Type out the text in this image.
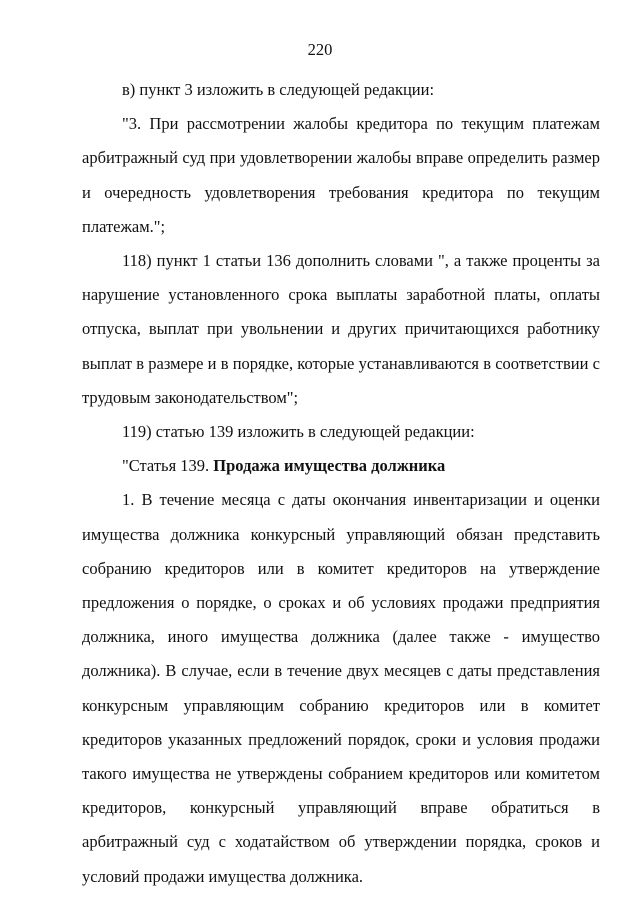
220

в) пункт 3 изложить в следующей редакции:

"3. При рассмотрении жалобы кредитора по текущим платежам арбитражный суд при удовлетворении жалобы вправе определить размер и очередность удовлетворения требования кредитора по текущим платежам.";

118) пункт 1 статьи 136 дополнить словами ", а также проценты за нарушение установленного срока выплаты заработной платы, оплаты отпуска, выплат при увольнении и других причитающихся работнику выплат в размере и в порядке, которые устанавливаются в соответствии с трудовым законодательством";

119) статью 139 изложить в следующей редакции:

"Статья 139. Продажа имущества должника

1. В течение месяца с даты окончания инвентаризации и оценки имущества должника конкурсный управляющий обязан представить собранию кредиторов или в комитет кредиторов на утверждение предложения о порядке, о сроках и об условиях продажи предприятия должника, иного имущества должника (далее также - имущество должника). В случае, если в течение двух месяцев с даты представления конкурсным управляющим собранию кредиторов или в комитет кредиторов указанных предложений порядок, сроки и условия продажи такого имущества не утверждены собранием кредиторов или комитетом кредиторов, конкурсный управляющий вправе обратиться в арбитражный суд с ходатайством об утверждении порядка, сроков и условий продажи имущества должника.
